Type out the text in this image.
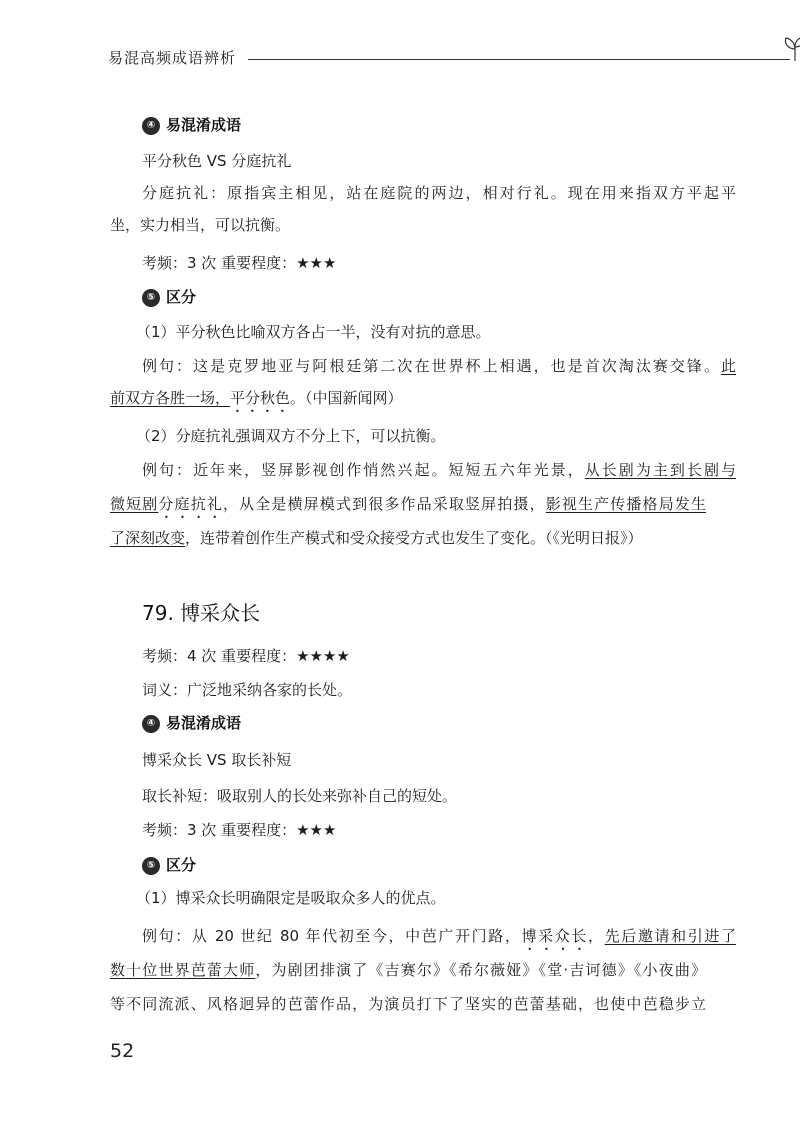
易混高频成语辨析
④ 易混淆成语
平分秋色 VS 分庭抗礼
分庭抗礼：原指宾主相见，站在庭院的两边，相对行礼。现在用来指双方平起平
坐，实力相当，可以抗衡。
考频：3 次 重要程度：★★★
⑤ 区分
（1）平分秋色比喻双方各占一半，没有对抗的意思。
例句：这是克罗地亚与阿根廷第二次在世界杯上相遇，也是首次淘汰赛交锋。此
前双方各胜一场，平分秋色。（中国新闻网）
（2）分庭抗礼强调双方不分上下，可以抗衡。
例句：近年来，竖屏影视创作悄然兴起。短短五六年光景，从长剧为主到长剧与
微短剧分庭抗礼，从全是横屏模式到很多作品采取竖屏拍摄，影视生产传播格局发生
了深刻改变，连带着创作生产模式和受众接受方式也发生了变化。（《光明日报》）
79. 博采众长
考频：4 次 重要程度：★★★★
词义：广泛地采纳各家的长处。
④ 易混淆成语
博采众长 VS 取长补短
取长补短：吸取别人的长处来弥补自己的短处。
考频：3 次 重要程度：★★★
⑤ 区分
（1）博采众长明确限定是吸取众多人的优点。
例句：从 20 世纪 80 年代初至今，中芭广开门路，博采众长，先后邀请和引进了
数十位世界芭蕾大师，为剧团排演了《吉赛尔》《希尔薇娅》《堂·吉诃德》《小夜曲》
等不同流派、风格迥异的芭蕾作品，为演员打下了坚实的芭蕾基础，也使中芭稳步立
52
